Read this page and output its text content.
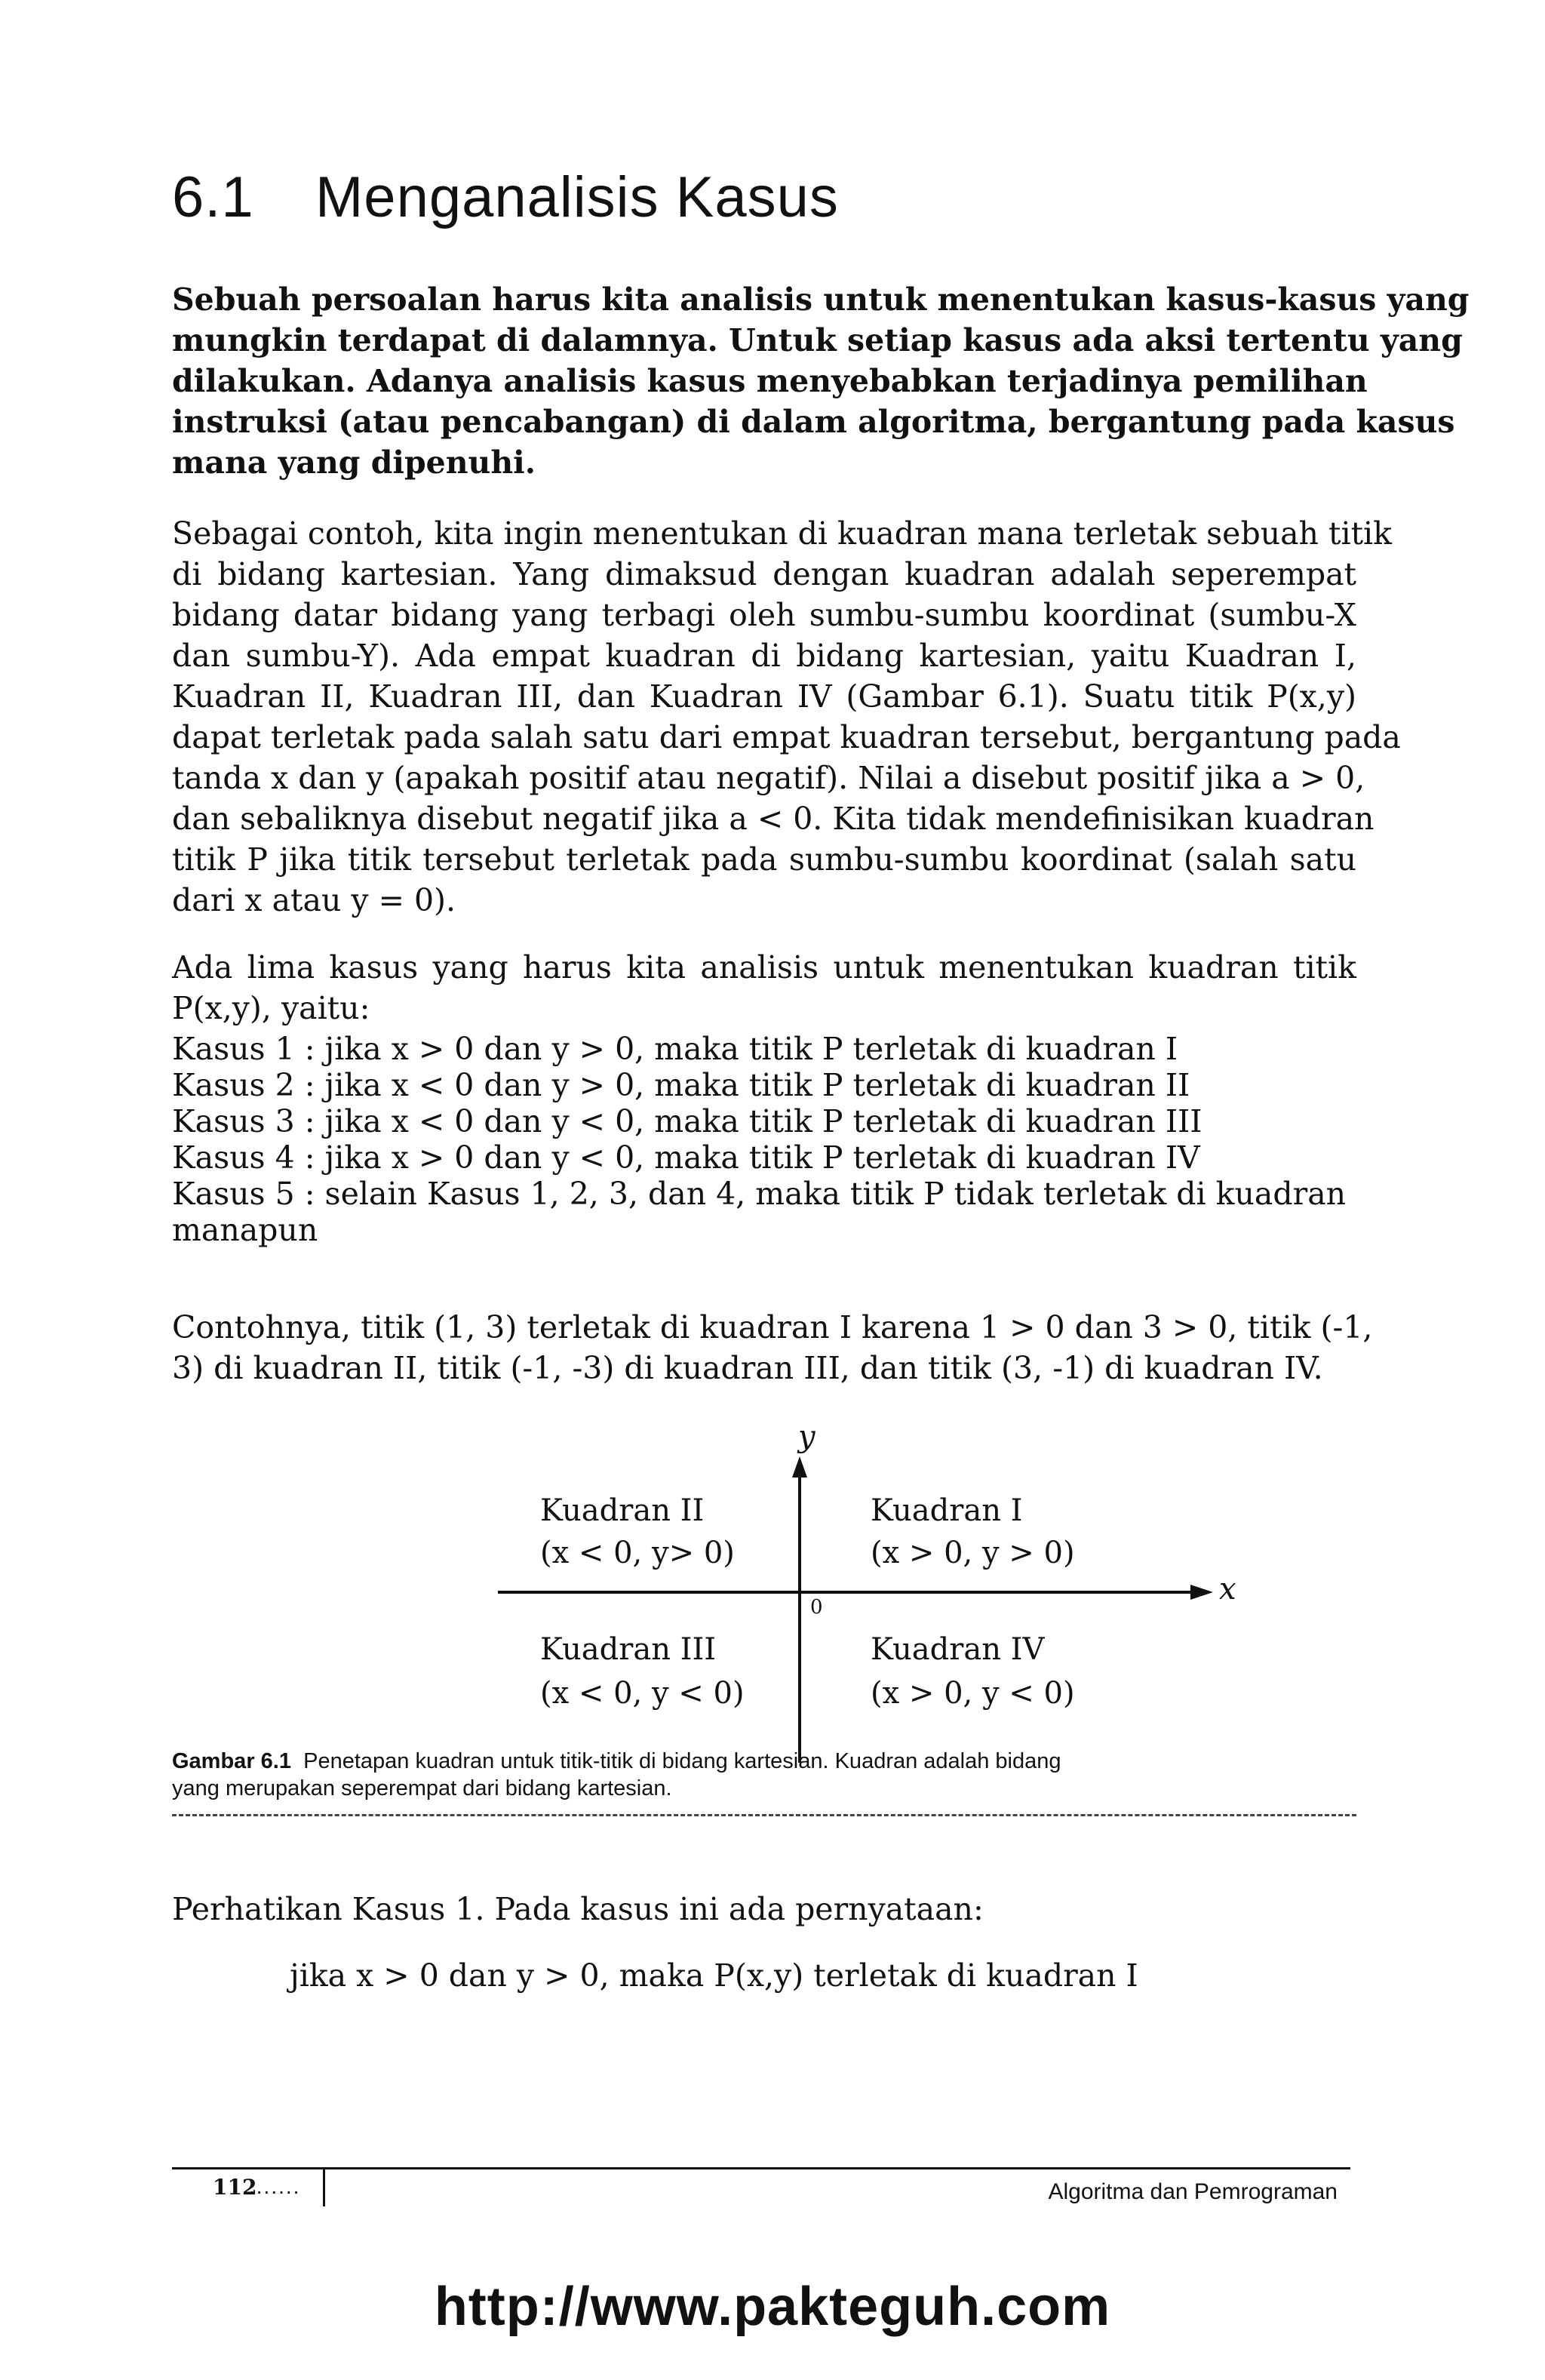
6.1 Menganalisis Kasus
Sebuah persoalan harus kita analisis untuk menentukan kasus-kasus yang
mungkin terdapat di dalamnya. Untuk setiap kasus ada aksi tertentu yang
dilakukan. Adanya analisis kasus menyebabkan terjadinya pemilihan
instruksi (atau pencabangan) di dalam algoritma, bergantung pada kasus
mana yang dipenuhi.
Sebagai contoh, kita ingin menentukan di kuadran mana terletak sebuah titik
di bidang kartesian. Yang dimaksud dengan kuadran adalah seperempat
bidang datar bidang yang terbagi oleh sumbu-sumbu koordinat (sumbu-X
dan sumbu-Y). Ada empat kuadran di bidang kartesian, yaitu Kuadran I,
Kuadran II, Kuadran III, dan Kuadran IV (Gambar 6.1). Suatu titik P(x,y)
dapat terletak pada salah satu dari empat kuadran tersebut, bergantung pada
tanda x dan y (apakah positif atau negatif). Nilai a disebut positif jika a > 0,
dan sebaliknya disebut negatif jika a < 0. Kita tidak mendefinisikan kuadran
titik P jika titik tersebut terletak pada sumbu-sumbu koordinat (salah satu
dari x atau y = 0).
Ada lima kasus yang harus kita analisis untuk menentukan kuadran titik
P(x,y), yaitu:
Kasus 1 : jika x > 0 dan y > 0, maka titik P terletak di kuadran I
Kasus 2 : jika x < 0 dan y > 0, maka titik P terletak di kuadran II
Kasus 3 : jika x < 0 dan y < 0, maka titik P terletak di kuadran III
Kasus 4 : jika x > 0 dan y < 0, maka titik P terletak di kuadran IV
Kasus 5 : selain Kasus 1, 2, 3, dan 4, maka titik P tidak terletak di kuadran
manapun
Contohnya, titik (1, 3) terletak di kuadran I karena 1 > 0 dan 3 > 0, titik (-1,
3) di kuadran II, titik (-1, -3) di kuadran III, dan titik (3, -1) di kuadran IV.
y
x
0
Kuadran II
(x < 0, y> 0)
Kuadran I
(x > 0, y > 0)
Kuadran III
(x < 0, y < 0)
Kuadran IV
(x > 0, y < 0)
Gambar 6.1 Penetapan kuadran untuk titik-titik di bidang kartesian. Kuadran adalah bidang
yang merupakan seperempat dari bidang kartesian.
Perhatikan Kasus 1. Pada kasus ini ada pernyataan:
jika x > 0 dan y > 0, maka P(x,y) terletak di kuadran I
112
.......	Algoritma dan Pemrograman
http://www.pakteguh.com
